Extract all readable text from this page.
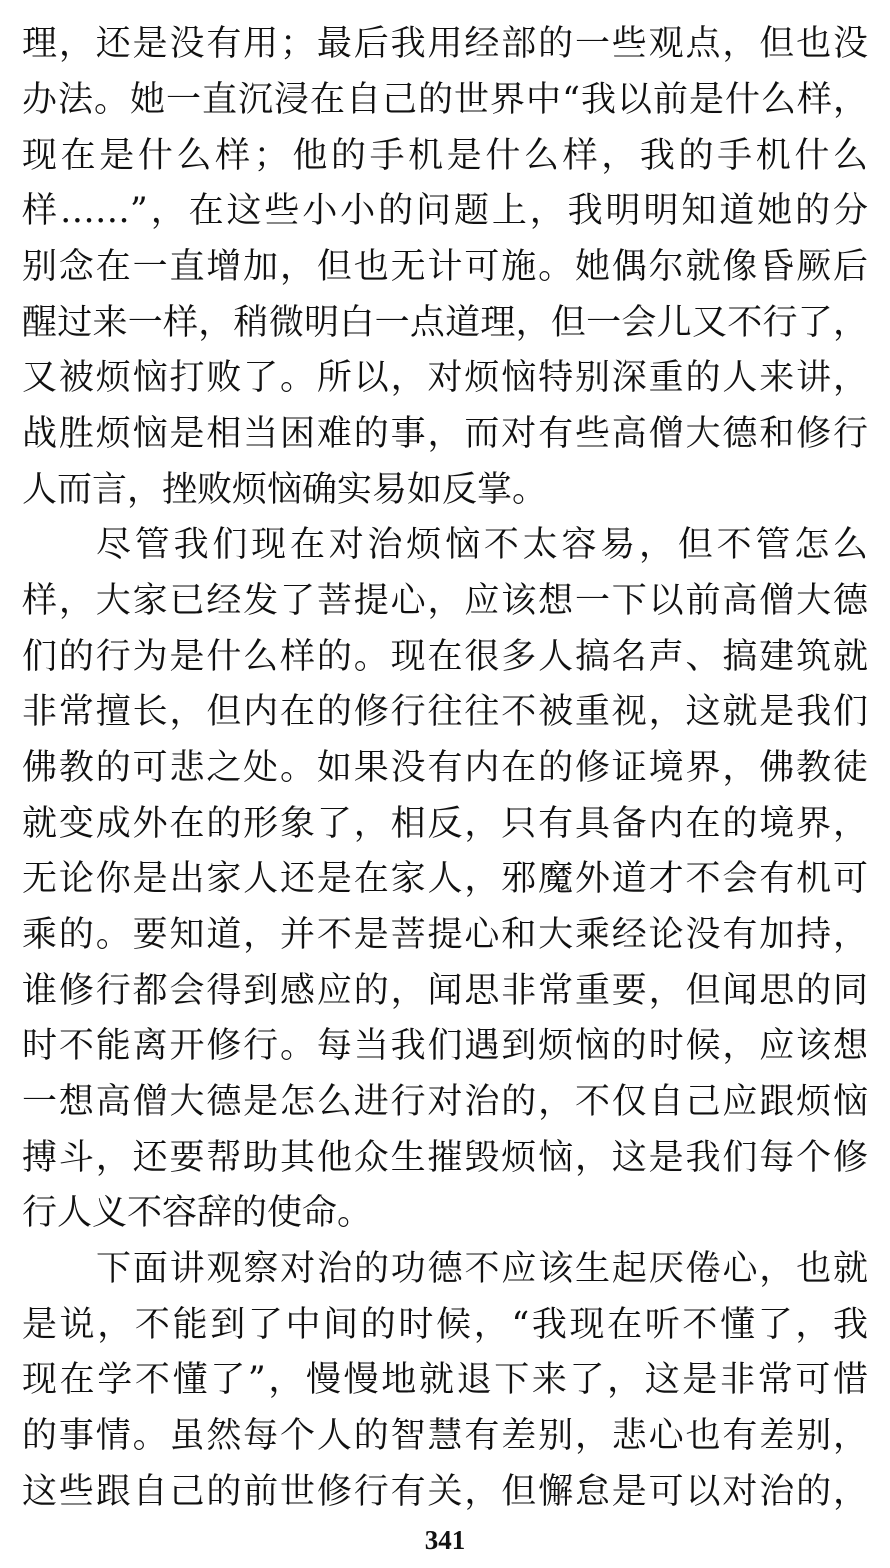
理，还是没有用；最后我用经部的一些观点，但也没
办法。她一直沉浸在自己的世界中“我以前是什么样，
现在是什么样；他的手机是什么样，我的手机什么
样……”，在这些小小的问题上，我明明知道她的分
别念在一直增加，但也无计可施。她偶尔就像昏厥后
醒过来一样，稍微明白一点道理，但一会儿又不行了，
又被烦恼打败了。所以，对烦恼特别深重的人来讲，
战胜烦恼是相当困难的事，而对有些高僧大德和修行
人而言，挫败烦恼确实易如反掌。
尽管我们现在对治烦恼不太容易，但不管怎么
样，大家已经发了菩提心，应该想一下以前高僧大德
们的行为是什么样的。现在很多人搞名声、搞建筑就
非常擅长，但内在的修行往往不被重视，这就是我们
佛教的可悲之处。如果没有内在的修证境界，佛教徒
就变成外在的形象了，相反，只有具备内在的境界，
无论你是出家人还是在家人，邪魔外道才不会有机可
乘的。要知道，并不是菩提心和大乘经论没有加持，
谁修行都会得到感应的，闻思非常重要，但闻思的同
时不能离开修行。每当我们遇到烦恼的时候，应该想
一想高僧大德是怎么进行对治的，不仅自己应跟烦恼
搏斗，还要帮助其他众生摧毁烦恼，这是我们每个修
行人义不容辞的使命。
下面讲观察对治的功德不应该生起厌倦心，也就
是说，不能到了中间的时候，“我现在听不懂了，我
现在学不懂了”，慢慢地就退下来了，这是非常可惜
的事情。虽然每个人的智慧有差别，悲心也有差别，
这些跟自己的前世修行有关，但懈怠是可以对治的，
341
